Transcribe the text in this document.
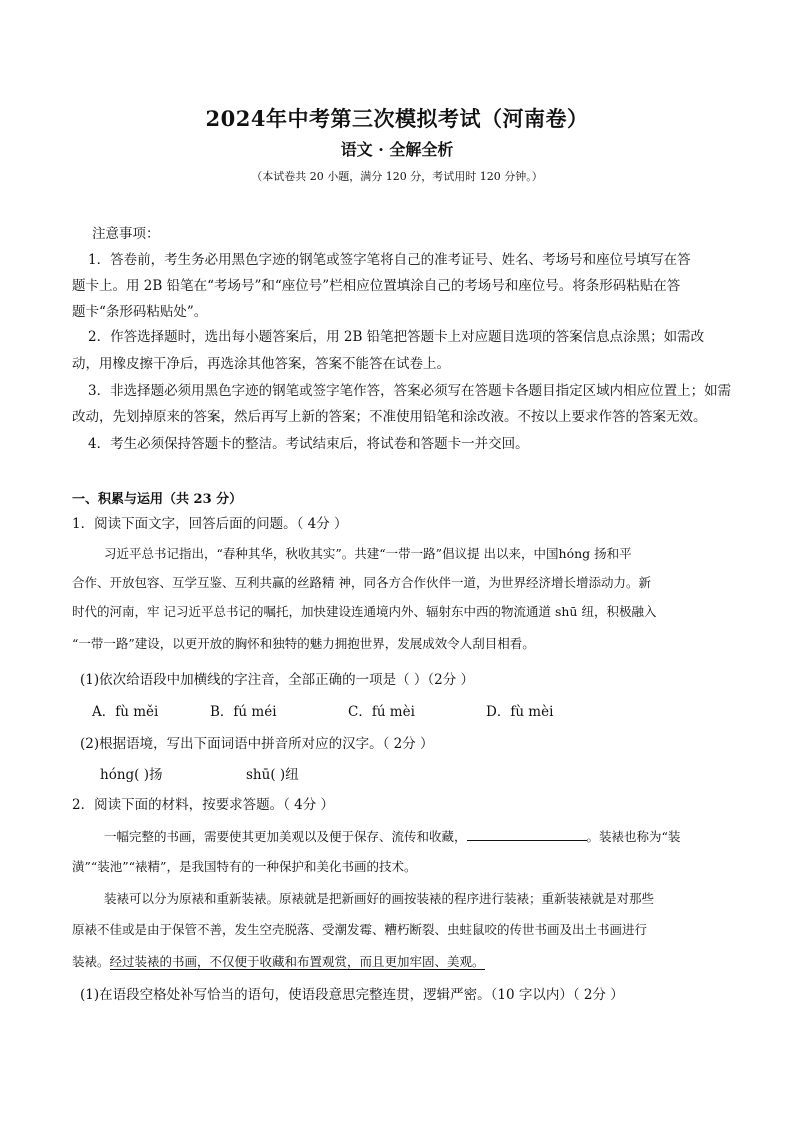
2024年中考第三次模拟考试（河南卷）
语文 · 全解全析
（本试卷共 20 小题，满分 120 分，考试用时 120 分钟。）
注意事项：
1．答卷前，考生务必用黑色字迹的钢笔或签字笔将自己的准考证号、姓名、考场号和座位号填写在答
题卡上。用 2B 铅笔在“考场号”和“座位号”栏相应位置填涂自己的考场号和座位号。将条形码粘贴在答
题卡“条形码粘贴处”。
2．作答选择题时，选出每小题答案后，用 2B 铅笔把答题卡上对应题目选项的答案信息点涂黑；如需改
动，用橡皮擦干净后，再选涂其他答案，答案不能答在试卷上。
3．非选择题必须用黑色字迹的钢笔或签字笔作答，答案必须写在答题卡各题目指定区域内相应位置上；如需
改动，先划掉原来的答案，然后再写上新的答案；不准使用铅笔和涂改液。不按以上要求作答的答案无效。
4．考生必须保持答题卡的整洁。考试结束后，将试卷和答题卡一并交回。
一、积累与运用（共 23 分）
1．阅读下面文字，回答后面的问题。（ 4分 ）
习近平总书记指出，“春种其华，秋收其实”。共建“一带一路”倡议提 出以来，中国hóng 扬和平
合作、开放包容、互学互鉴、互利共赢的丝路精 神，同各方合作伙伴一道，为世界经济增长增添动力。新
时代的河南，牢 记习近平总书记的嘱托，加快建设连通境内外、辐射东中西的物流通道 shū 纽，积极融入
“一带一路”建设，以更开放的胸怀和独特的魅力拥抱世界，发展成效令人刮目相看。
(1)依次给语段中加横线的字注音，全部正确的一项是（ ）（2分 ）
A．fù měi	B．fú méi	C．fú mèi	D．fù mèi
(2)根据语境，写出下面词语中拼音所对应的汉字。（ 2分 ）
hóng( )扬	shū( )纽
2．阅读下面的材料，按要求答题。（ 4分 ）
一幅完整的书画，需要使其更加美观以及便于保存、流传和收藏，	。装裱也称为“装
潢”“装池”“裱精”，是我国特有的一种保护和美化书画的技术。
装裱可以分为原裱和重新装裱。原裱就是把新画好的画按装裱的程序进行装裱；重新装裱就是对那些
原裱不佳或是由于保管不善，发生空壳脱落、受潮发霉、糟朽断裂、虫蛀鼠咬的传世书画及出土书画进行
装裱。经过装裱的书画，不仅便于收藏和布置观赏，而且更加牢固、美观。
(1)在语段空格处补写恰当的语句，使语段意思完整连贯，逻辑严密。（10 字以内）（ 2分 ）
